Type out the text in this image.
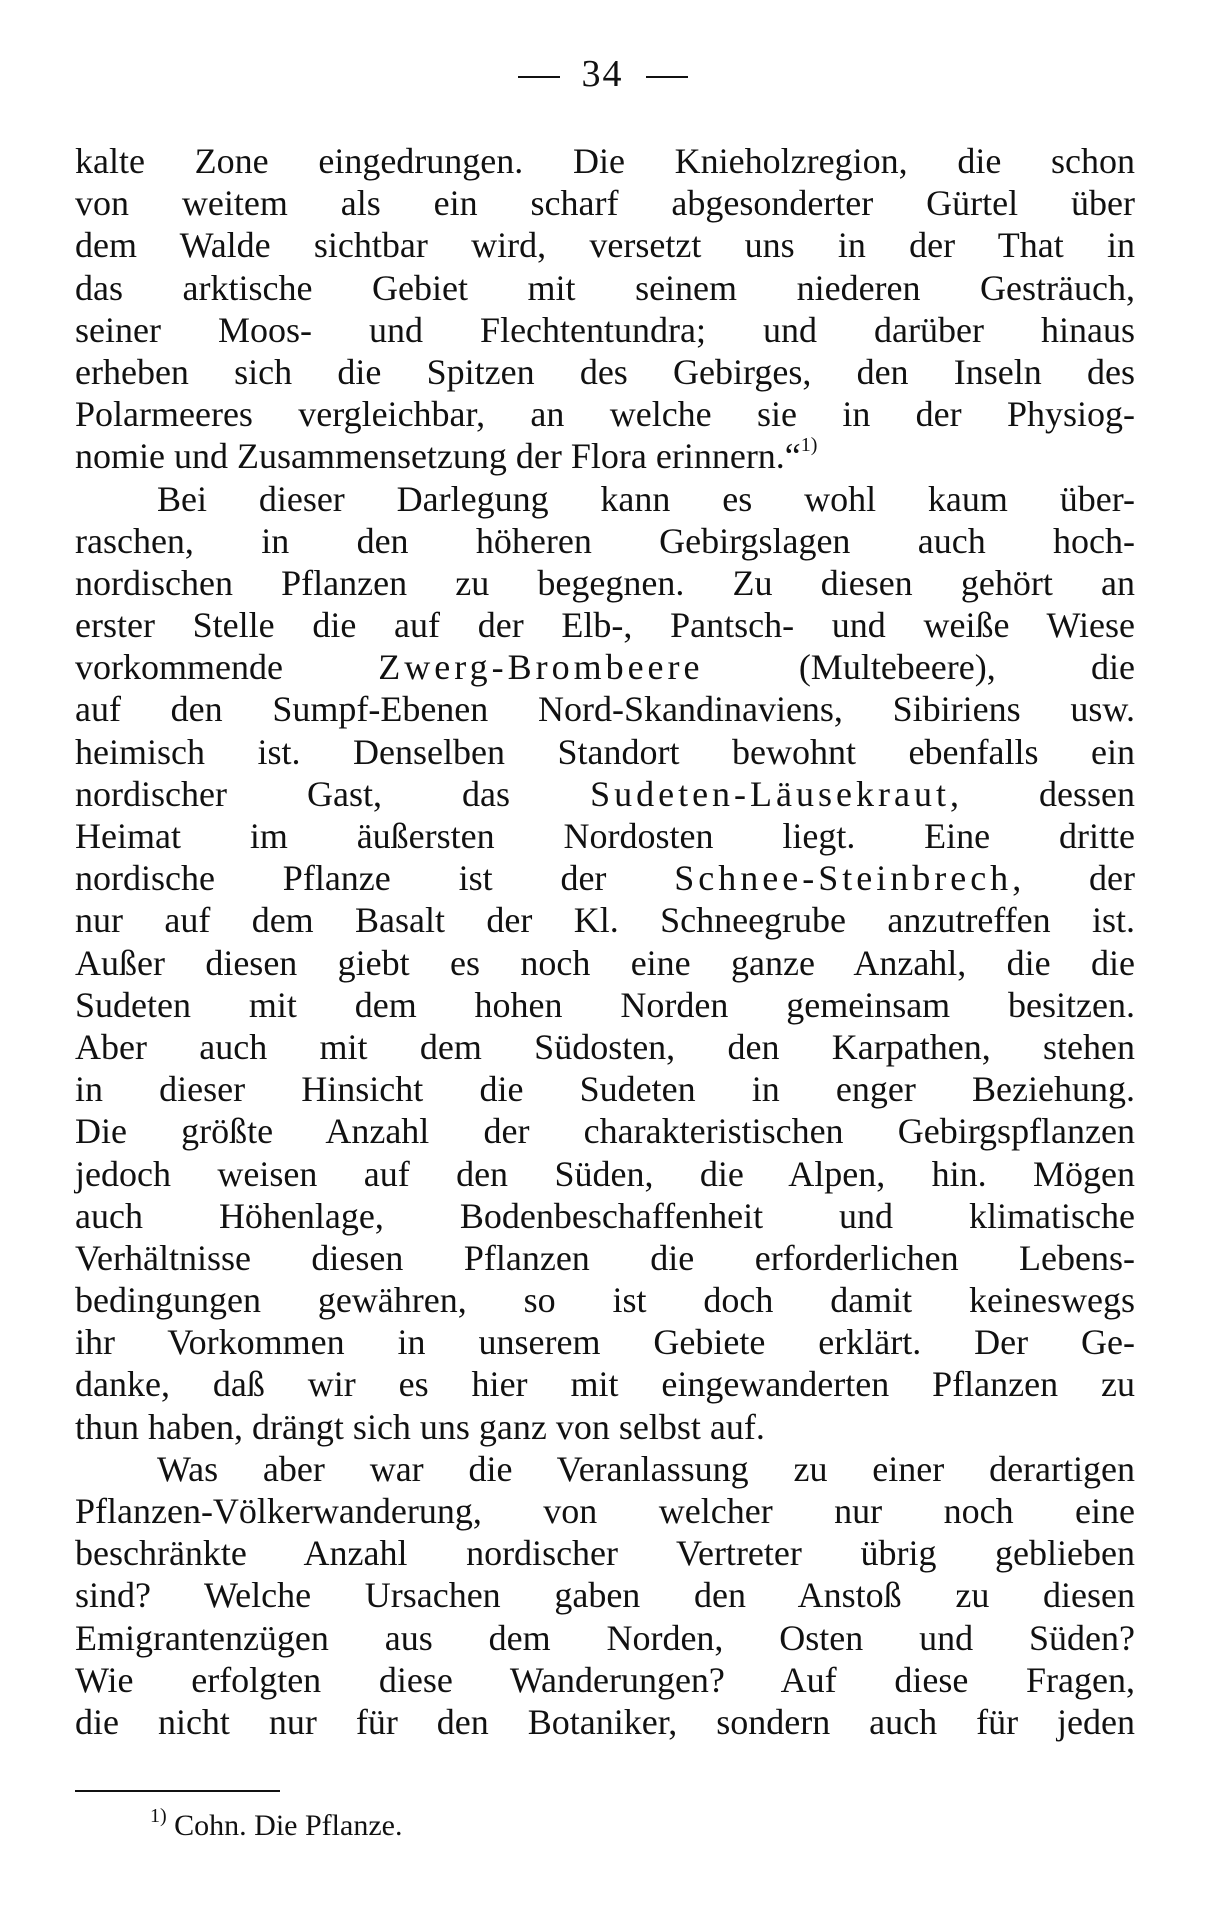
34
kalte Zone eingedrungen. Die Knieholzregion, die schon
von weitem als ein scharf abgesonderter Gürtel über
dem Walde sichtbar wird, versetzt uns in der That in
das arktische Gebiet mit seinem niederen Gesträuch,
seiner Moos- und Flechtentundra; und darüber hinaus
erheben sich die Spitzen des Gebirges, den Inseln des
Polarmeeres vergleichbar, an welche sie in der Physiog-
nomie und Zusammensetzung der Flora erinnern.“$^{1)}$
Bei dieser Darlegung kann es wohl kaum über-
raschen, in den höheren Gebirgslagen auch hoch-
nordischen Pflanzen zu begegnen. Zu diesen gehört an
erster Stelle die auf der Elb-, Pantsch- und weiße Wiese
vorkommende Zwerg-Brombeere (Multebeere), die
auf den Sumpf-Ebenen Nord-Skandinaviens, Sibiriens usw.
heimisch ist. Denselben Standort bewohnt ebenfalls ein
nordischer Gast, das Sudeten-Läusekraut, dessen
Heimat im äußersten Nordosten liegt. Eine dritte
nordische Pflanze ist der Schnee-Steinbrech, der
nur auf dem Basalt der Kl. Schneegrube anzutreffen ist.
Außer diesen giebt es noch eine ganze Anzahl, die die
Sudeten mit dem hohen Norden gemeinsam besitzen.
Aber auch mit dem Südosten, den Karpathen, stehen
in dieser Hinsicht die Sudeten in enger Beziehung.
Die größte Anzahl der charakteristischen Gebirgspflanzen
jedoch weisen auf den Süden, die Alpen, hin. Mögen
auch Höhenlage, Bodenbeschaffenheit und klimatische
Verhältnisse diesen Pflanzen die erforderlichen Lebens-
bedingungen gewähren, so ist doch damit keineswegs
ihr Vorkommen in unserem Gebiete erklärt. Der Ge-
danke, daß wir es hier mit eingewanderten Pflanzen zu
thun haben, drängt sich uns ganz von selbst auf.
Was aber war die Veranlassung zu einer derartigen
Pflanzen-Völkerwanderung, von welcher nur noch eine
beschränkte Anzahl nordischer Vertreter übrig geblieben
sind? Welche Ursachen gaben den Anstoß zu diesen
Emigrantenzügen aus dem Norden, Osten und Süden?
Wie erfolgten diese Wanderungen? Auf diese Fragen,
die nicht nur für den Botaniker, sondern auch für jeden
$^{1)}$ Cohn. Die Pflanze.
